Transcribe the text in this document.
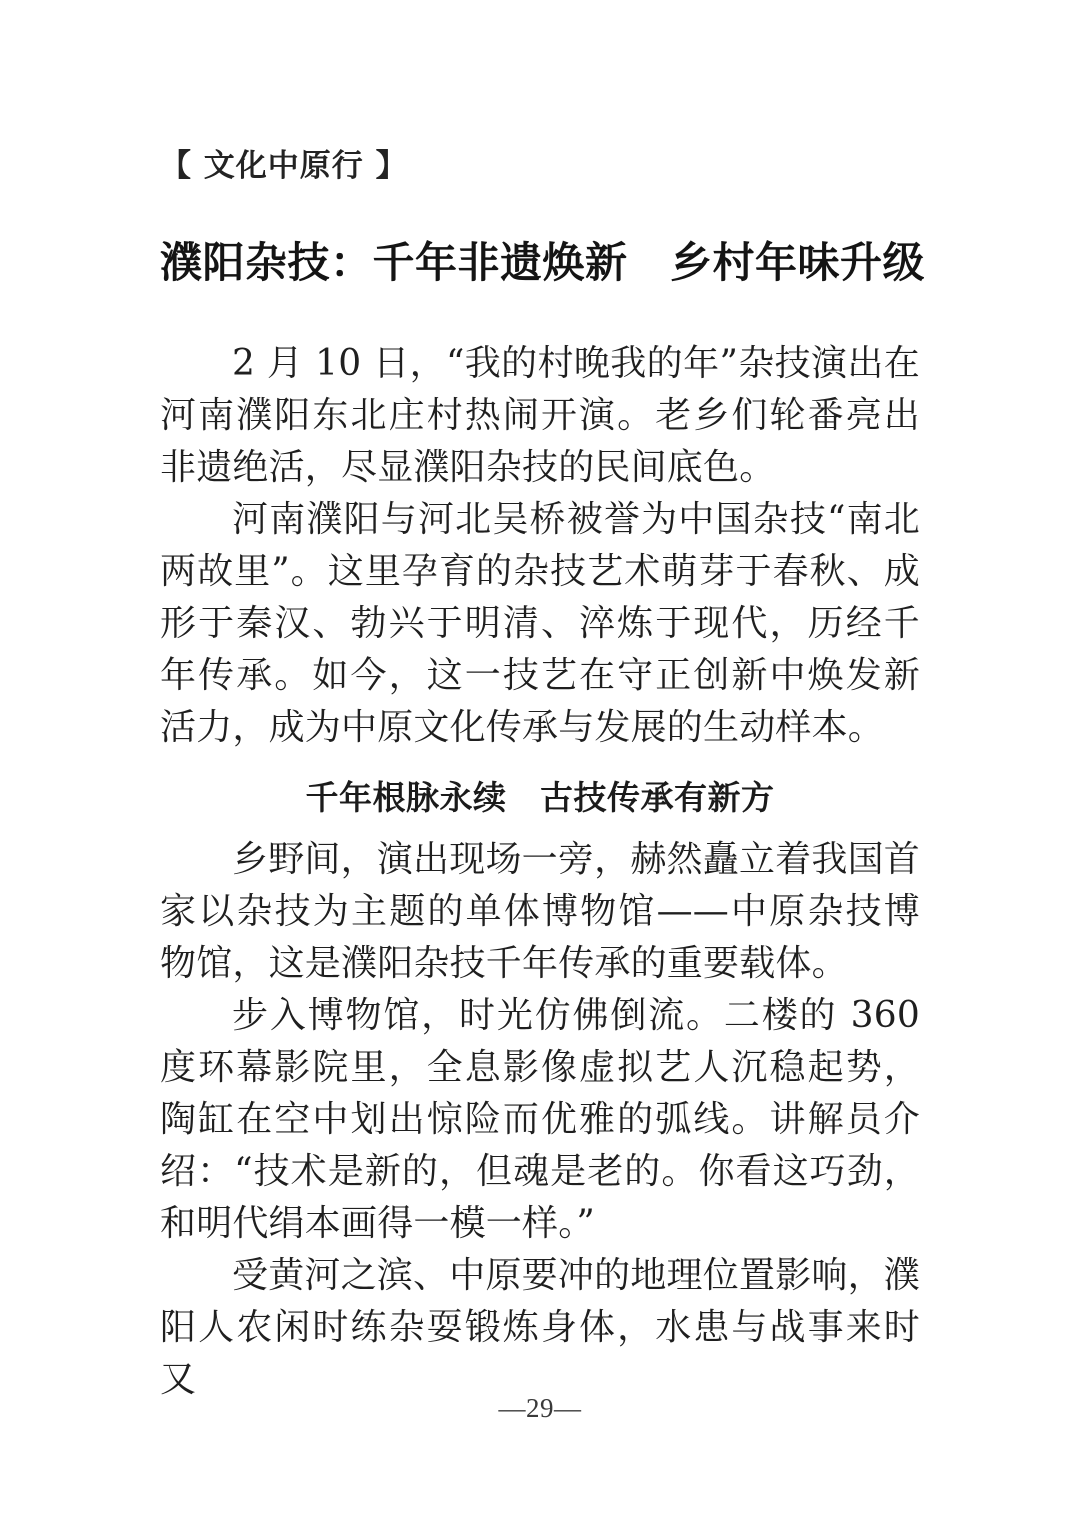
【 文化中原行 】
濮阳杂技：千年非遗焕新　乡村年味升级

2 月 10 日，“我的村晚我的年”杂技演出在河南濮阳东北庄村热闹开演。老乡们轮番亮出非遗绝活，尽显濮阳杂技的民间底色。

河南濮阳与河北吴桥被誉为中国杂技“南北两故里”。这里孕育的杂技艺术萌芽于春秋、成形于秦汉、勃兴于明清、淬炼于现代，历经千年传承。如今，这一技艺在守正创新中焕发新活力，成为中原文化传承与发展的生动样本。

千年根脉永续　古技传承有新方

乡野间，演出现场一旁，赫然矗立着我国首家以杂技为主题的单体博物馆——中原杂技博物馆，这是濮阳杂技千年传承的重要载体。

步入博物馆，时光仿佛倒流。二楼的 360 度环幕影院里，全息影像虚拟艺人沉稳起势，陶缸在空中划出惊险而优雅的弧线。讲解员介绍：“技术是新的，但魂是老的。你看这巧劲，和明代绢本画得一模一样。”

受黄河之滨、中原要冲的地理位置影响，濮阳人农闲时练杂耍锻炼身体，水患与战事来时又

—29—
